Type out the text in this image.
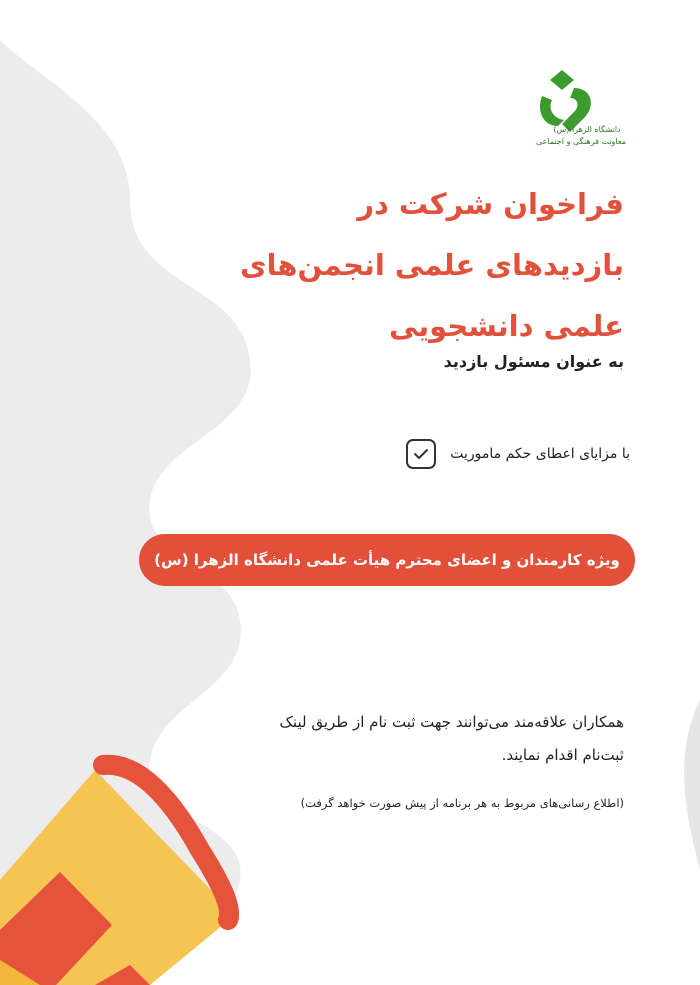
دانشگاه الزهرا (س)
معاونت فرهنگی و اجتماعی
فراخوان شرکت در
بازدیدهای علمی انجمن‌های
علمی دانشجویی
به عنوان مسئول بازدید
با مزایای اعطای حکم ماموریت
ویژه کارمندان و اعضای محترم هیأت علمی دانشگاه الزهرا (س)
همکاران علاقه‌مند می‌توانند جهت ثبت نام از طریق لینک
ثبت‌نام اقدام نمایند.
(اطلاع رسانی‌های مربوط به هر برنامه از پیش صورت خواهد گرفت)
